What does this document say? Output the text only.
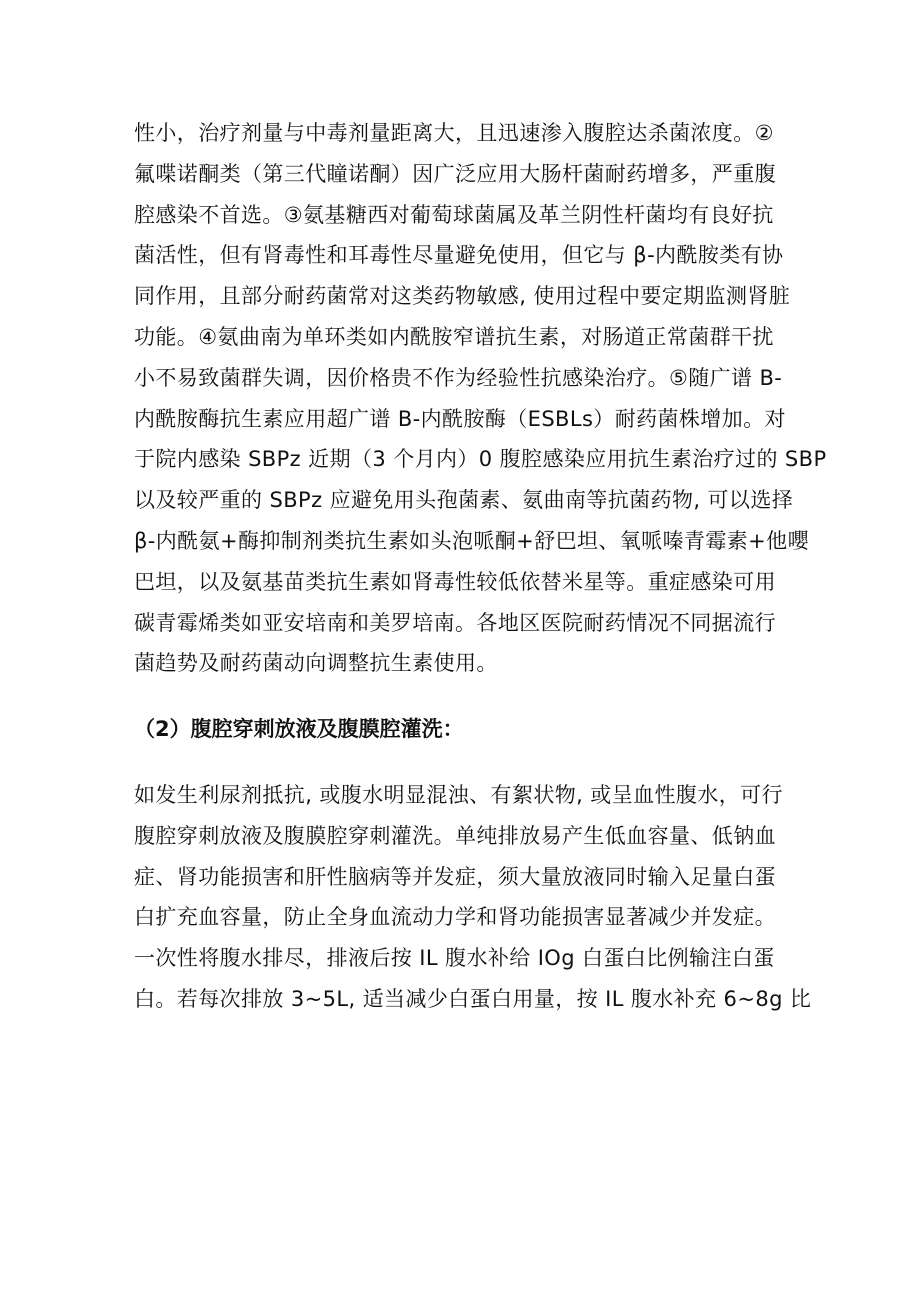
性小，治疗剂量与中毒剂量距离大，且迅速渗入腹腔达杀菌浓度。②
氟喋诺酮类（第三代瞳诺酮）因广泛应用大肠杆菌耐药增多，严重腹
腔感染不首选。③氨基糖西对葡萄球菌属及革兰阴性杆菌均有良好抗
菌活性，但有肾毒性和耳毒性尽量避免使用，但它与 β-内酰胺类有协
同作用，且部分耐药菌常对这类药物敏感, 使用过程中要定期监测肾脏
功能。④氨曲南为单环类如内酰胺窄谱抗生素，对肠道正常菌群干扰
小不易致菌群失调，因价格贵不作为经验性抗感染治疗。⑤随广谱 B-
内酰胺酶抗生素应用超广谱 B-内酰胺酶（ESBLs）耐药菌株增加。对
于院内感染 SBPz 近期（3 个月内）0 腹腔感染应用抗生素治疗过的 SBP
以及较严重的 SBPz 应避免用头孢菌素、氨曲南等抗菌药物, 可以选择
β-内酰氨+酶抑制剂类抗生素如头泡哌酮+舒巴坦、氧哌嗪青霉素+他嚶
巴坦，以及氨基苗类抗生素如肾毒性较低依替米星等。重症感染可用
碳青霉烯类如亚安培南和美罗培南。各地区医院耐药情况不同据流行
菌趋势及耐药菌动向调整抗生素使用。
（2）腹腔穿刺放液及腹膜腔灌洗：
如发生利尿剂抵抗, 或腹水明显混浊、有絮状物, 或呈血性腹水，可行
腹腔穿刺放液及腹膜腔穿刺灌洗。单纯排放易产生低血容量、低钠血
症、肾功能损害和肝性脑病等并发症，须大量放液同时输入足量白蛋
白扩充血容量，防止全身血流动力学和肾功能损害显著减少并发症。
一次性将腹水排尽，排液后按 IL 腹水补给 IOg 白蛋白比例输注白蛋
白。若每次排放 3~5L, 适当减少白蛋白用量，按 IL 腹水补充 6~8g 比
